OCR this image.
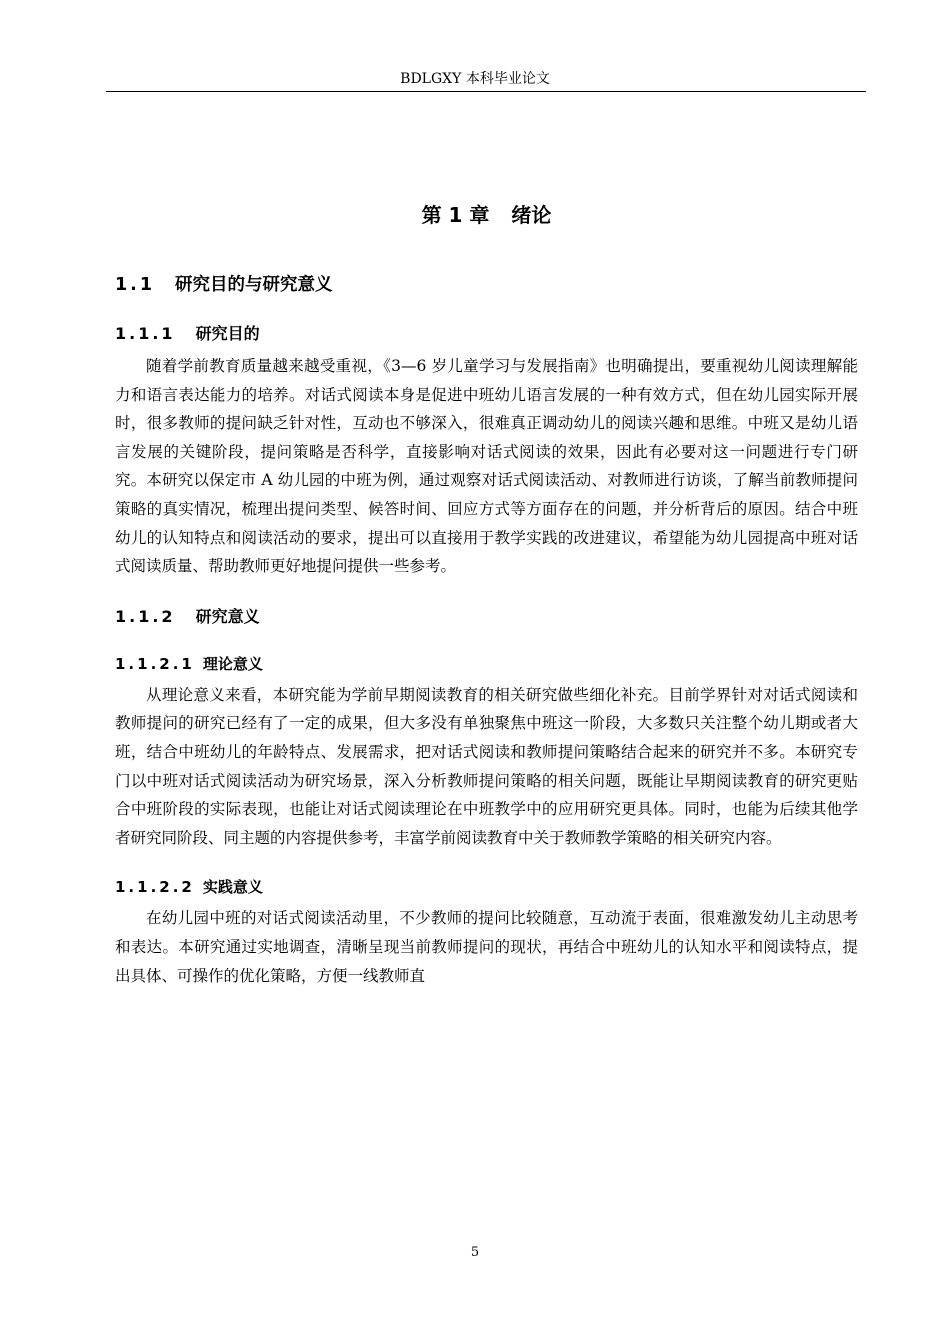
BDLGXY 本科毕业论文
第 1 章 绪论
1.1 研究目的与研究意义
1.1.1 研究目的

随着学前教育质量越来越受重视，《3—6 岁儿童学习与发展指南》也明确提出，要重视幼儿阅读理解能力和语言表达能力的培养。对话式阅读本身是促进中班幼儿语言发展的一种有效方式，但在幼儿园实际开展时，很多教师的提问缺乏针对性，互动也不够深入，很难真正调动幼儿的阅读兴趣和思维。中班又是幼儿语言发展的关键阶段，提问策略是否科学，直接影响对话式阅读的效果，因此有必要对这一问题进行专门研究。本研究以保定市 A 幼儿园的中班为例，通过观察对话式阅读活动、对教师进行访谈，了解当前教师提问策略的真实情况，梳理出提问类型、候答时间、回应方式等方面存在的问题，并分析背后的原因。结合中班幼儿的认知特点和阅读活动的要求，提出可以直接用于教学实践的改进建议，希望能为幼儿园提高中班对话式阅读质量、帮助教师更好地提问提供一些参考。

1.1.2 研究意义
1.1.2.1 理论意义

从理论意义来看，本研究能为学前早期阅读教育的相关研究做些细化补充。目前学界针对对话式阅读和教师提问的研究已经有了一定的成果，但大多没有单独聚焦中班这一阶段，大多数只关注整个幼儿期或者大班，结合中班幼儿的年龄特点、发展需求，把对话式阅读和教师提问策略结合起来的研究并不多。本研究专门以中班对话式阅读活动为研究场景，深入分析教师提问策略的相关问题，既能让早期阅读教育的研究更贴合中班阶段的实际表现，也能让对话式阅读理论在中班教学中的应用研究更具体。同时，也能为后续其他学者研究同阶段、同主题的内容提供参考，丰富学前阅读教育中关于教师教学策略的相关研究内容。

1.1.2.2 实践意义

在幼儿园中班的对话式阅读活动里，不少教师的提问比较随意，互动流于表面，很难激发幼儿主动思考和表达。本研究通过实地调查，清晰呈现当前教师提问的现状，再结合中班幼儿的认知水平和阅读特点，提出具体、可操作的优化策略，方便一线教师直

5
